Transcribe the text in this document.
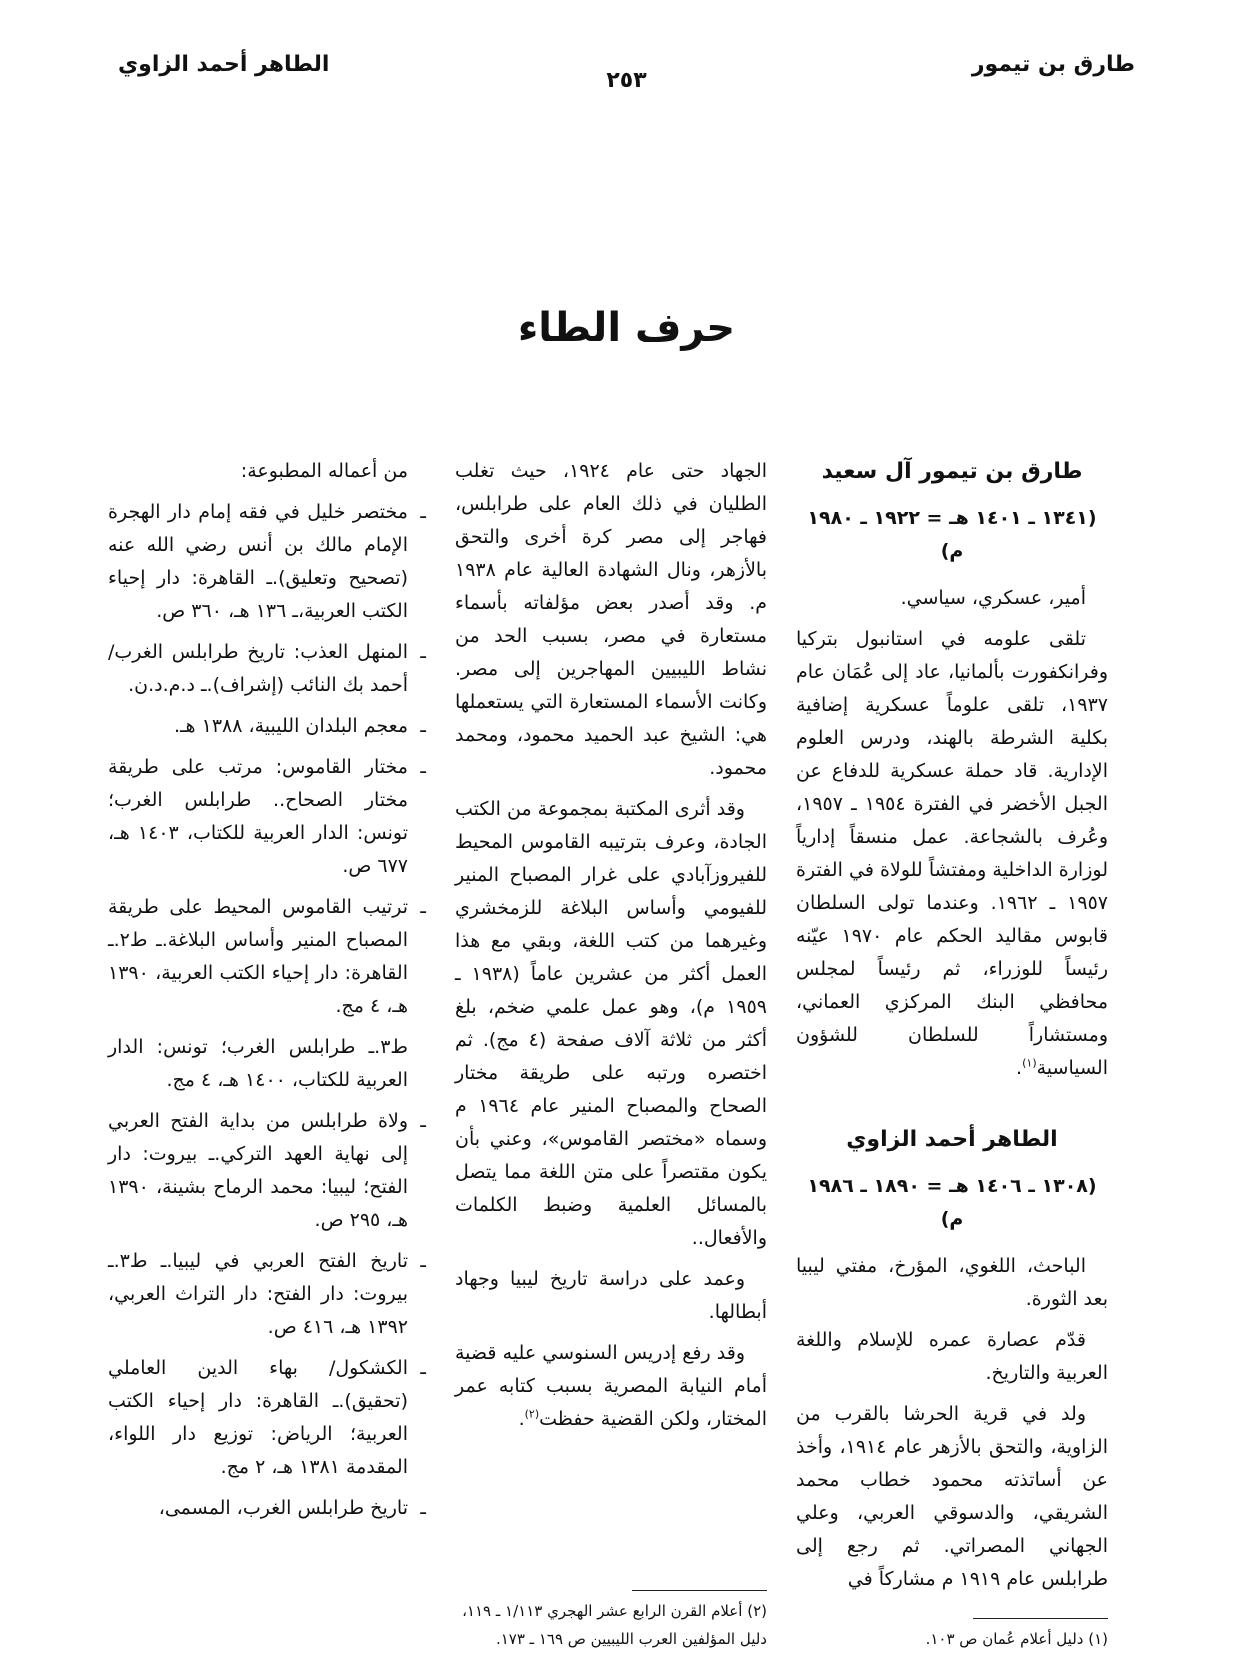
طارق بن تيمور
٢٥٣
الطاهر أحمد الزاوي
حرف الطاء

طارق بن تيمور آل سعيد

(١٣٤١ ـ ١٤٠١ هـ = ١٩٢٢ ـ ١٩٨٠ م)

أمير، عسكري، سياسي.

تلقى علومه في استانبول بتركيا وفرانكفورت بألمانيا، عاد إلى عُمَان عام ١٩٣٧، تلقى علوماً عسكرية إضافية بكلية الشرطة بالهند، ودرس العلوم الإدارية. قاد حملة عسكرية للدفاع عن الجبل الأخضر في الفترة ١٩٥٤ ـ ١٩٥٧، وعُرف بالشجاعة. عمل منسقاً إدارياً لوزارة الداخلية ومفتشاً للولاة في الفترة ١٩٥٧ ـ ١٩٦٢. وعندما تولى السلطان قابوس مقاليد الحكم عام ١٩٧٠ عيّنه رئيساً للوزراء، ثم رئيساً لمجلس محافظي البنك المركزي العماني، ومستشاراً للسلطان للشؤون السياسية$^{(١)}$.

الطاهر أحمد الزاوي

(١٣٠٨ ـ ١٤٠٦ هـ = ١٨٩٠ ـ ١٩٨٦ م)

الباحث، اللغوي، المؤرخ، مفتي ليبيا بعد الثورة.

قدّم عصارة عمره للإسلام واللغة العربية والتاريخ.

ولد في قرية الحرشا بالقرب من الزاوية، والتحق بالأزهر عام ١٩١٤، وأخذ عن أساتذته محمود خطاب محمد الشريقي، والدسوقي العربي، وعلي الجهاني المصراتي. ثم رجع إلى طرابلس عام ١٩١٩ م مشاركاً في

(١) دليل أعلام عُمان ص ١٠٣.

الجهاد حتى عام ١٩٢٤، حيث تغلب الطليان في ذلك العام على طرابلس، فهاجر إلى مصر كرة أخرى والتحق بالأزهر، ونال الشهادة العالية عام ١٩٣٨ م. وقد أصدر بعض مؤلفاته بأسماء مستعارة في مصر، بسبب الحد من نشاط الليبيين المهاجرين إلى مصر. وكانت الأسماء المستعارة التي يستعملها هي: الشيخ عبد الحميد محمود، ومحمد محمود.

وقد أثرى المكتبة بمجموعة من الكتب الجادة، وعرف بترتيبه القاموس المحيط للفيروزآبادي على غرار المصباح المنير للفيومي وأساس البلاغة للزمخشري وغيرهما من كتب اللغة، وبقي مع هذا العمل أكثر من عشرين عاماً (١٩٣٨ ـ ١٩٥٩ م)، وهو عمل علمي ضخم، بلغ أكثر من ثلاثة آلاف صفحة (٤ مج). ثم اختصره ورتبه على طريقة مختار الصحاح والمصباح المنير عام ١٩٦٤ م وسماه «مختصر القاموس»، وعني بأن يكون مقتصراً على متن اللغة مما يتصل بالمسائل العلمية وضبط الكلمات والأفعال..

وعمد على دراسة تاريخ ليبيا وجهاد أبطالها.

وقد رفع إدريس السنوسي عليه قضية أمام النيابة المصرية بسبب كتابه عمر المختار، ولكن القضية حفظت$^{(٢)}$.

(٢) أعلام القرن الرابع عشر الهجري ١/١١٣ ـ ١١٩، دليل المؤلفين العرب الليبيين ص ١٦٩ ـ ١٧٣.

من أعماله المطبوعة:

ـ مختصر خليل في فقه إمام دار الهجرة الإمام مالك بن أنس رضي الله عنه (تصحيح وتعليق).ـ القاهرة: دار إحياء الكتب العربية،ـ ١٣٦ هـ، ٣٦٠ ص.
ـ المنهل العذب: تاريخ طرابلس الغرب/ أحمد بك النائب (إشراف).ـ د.م.د.ن.
ـ معجم البلدان الليبية، ١٣٨٨ هـ.
ـ مختار القاموس: مرتب على طريقة مختار الصحاح.. طرابلس الغرب؛ تونس: الدار العربية للكتاب، ١٤٠٣ هـ، ٦٧٧ ص.
ـ ترتيب القاموس المحيط على طريقة المصباح المنير وأساس البلاغة.ـ ط٢.ـ القاهرة: دار إحياء الكتب العربية، ١٣٩٠ هـ، ٤ مج.
ط٣.ـ طرابلس الغرب؛ تونس: الدار العربية للكتاب، ١٤٠٠ هـ، ٤ مج.
ـ ولاة طرابلس من بداية الفتح العربي إلى نهاية العهد التركي.ـ بيروت: دار الفتح؛ ليبيا: محمد الرماح بشينة، ١٣٩٠ هـ، ٢٩٥ ص.
ـ تاريخ الفتح العربي في ليبيا.ـ ط٣.ـ بيروت: دار الفتح: دار التراث العربي، ١٣٩٢ هـ، ٤١٦ ص.
ـ الكشكول/ بهاء الدين العاملي (تحقيق).ـ القاهرة: دار إحياء الكتب العربية؛ الرياض: توزيع دار اللواء، المقدمة ١٣٨١ هـ، ٢ مج.
ـ تاريخ طرابلس الغرب، المسمى،
